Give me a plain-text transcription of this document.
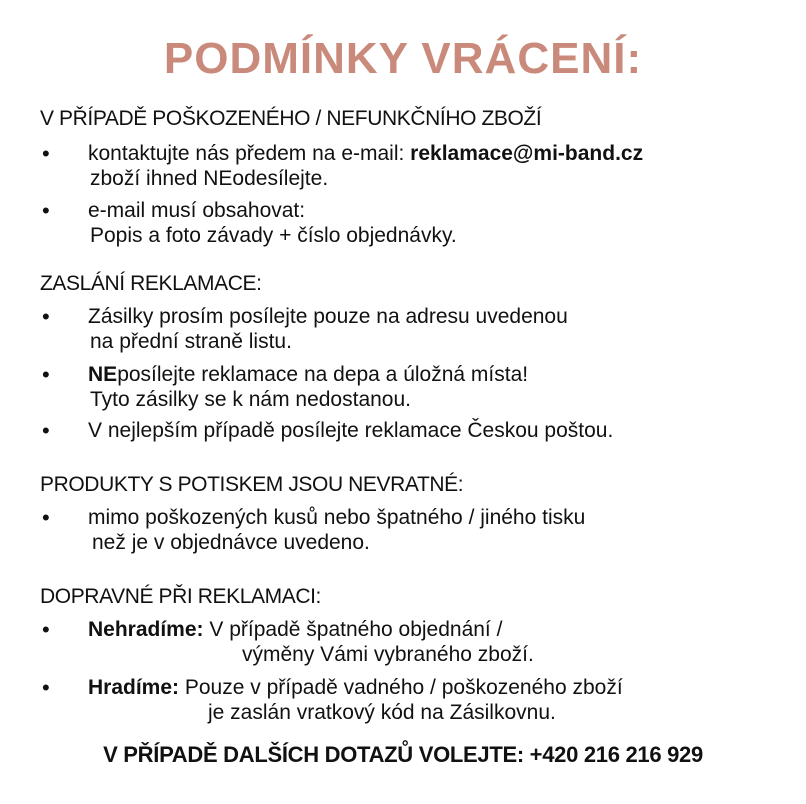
PODMÍNKY VRÁCENÍ:
V PŘÍPADĚ POŠKOZENÉHO / NEFUNKČNÍHO ZBOŽÍ
• kontaktujte nás předem na e-mail: reklamace@mi-band.cz
zboží ihned NEodesílejte.
• e-mail musí obsahovat:
Popis a foto závady + číslo objednávky.
ZASLÁNÍ REKLAMACE:
• Zásilky prosím posílejte pouze na adresu uvedenou
na přední straně listu.
• NEposílejte reklamace na depa a úložná místa!
Tyto zásilky se k nám nedostanou.
• V nejlepším případě posílejte reklamace Českou poštou.
PRODUKTY S POTISKEM JSOU NEVRATNÉ:
• mimo poškozených kusů nebo špatného / jiného tisku
než je v objednávce uvedeno.
DOPRAVNÉ PŘI REKLAMACI:
• Nehradíme: V případě špatného objednání /
výměny Vámi vybraného zboží.
• Hradíme: Pouze v případě vadného / poškozeného zboží
je zaslán vratkový kód na Zásilkovnu.
V PŘÍPADĚ DALŠÍCH DOTAZŮ VOLEJTE: +420 216 216 929
